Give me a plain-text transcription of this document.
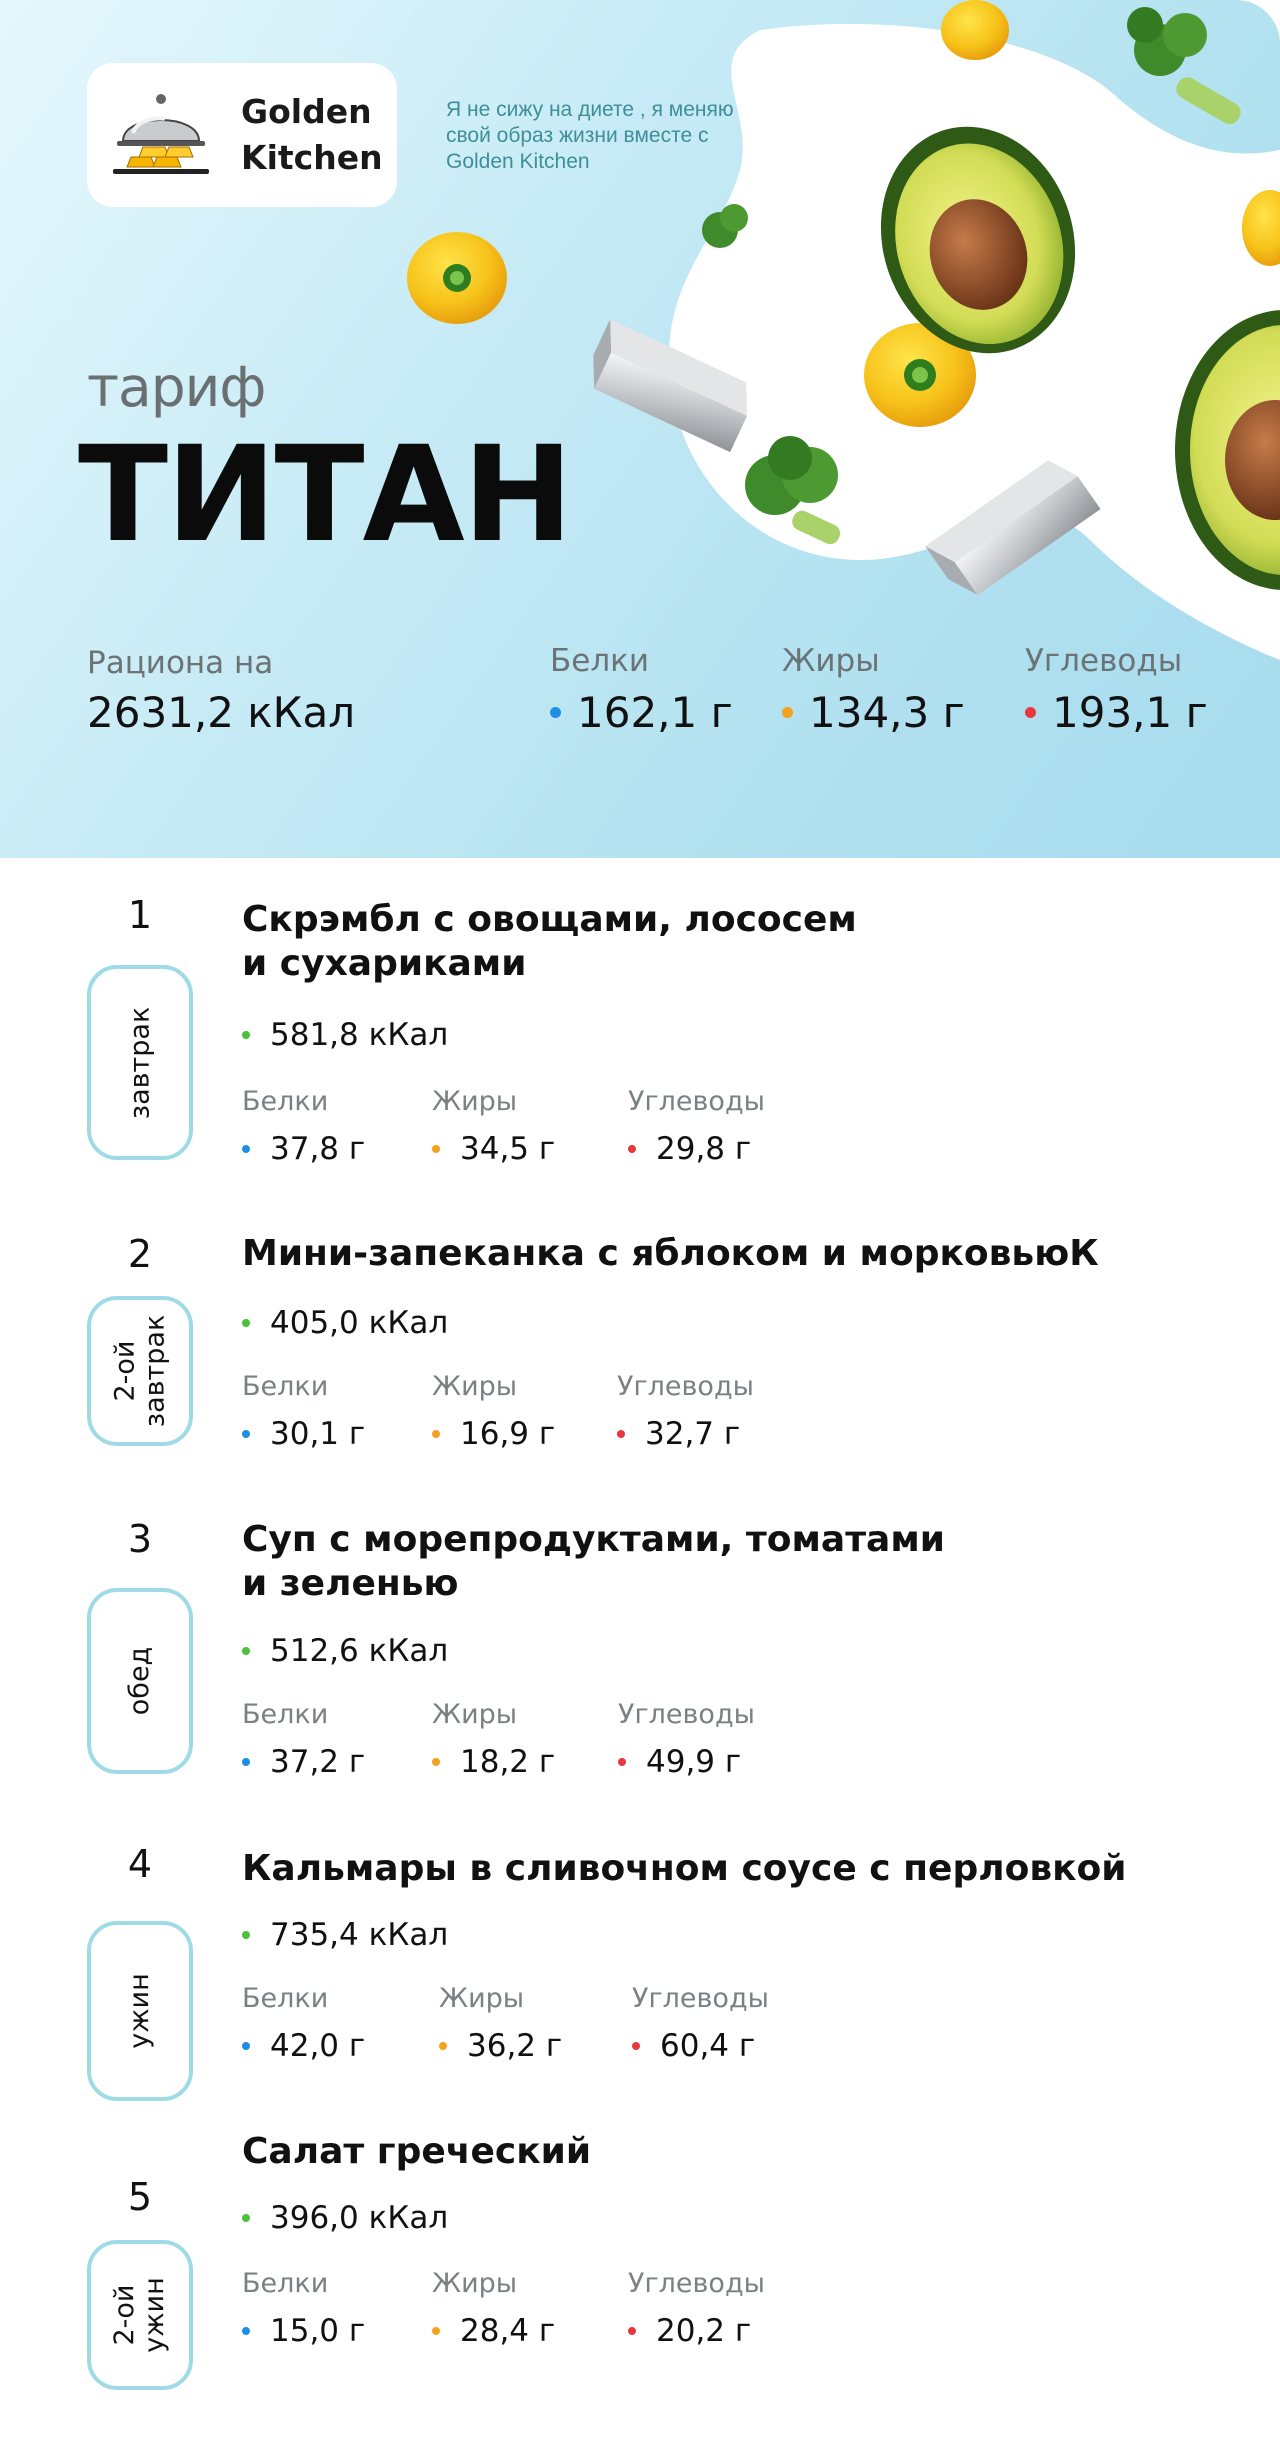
Golden
Kitchen
Я не сижу на диете , я меняю свой образ жизни вместе с Golden Kitchen
тариф
ТИТАН
Рациона на
2631,2 кКал
Белки
162,1 г
Жиры
134,3 г
Углеводы
193,1 г
1
завтрак
Скрэмбл с овощами, лососем
и сухариками
581,8 кКал
Белки
37,8 г
Жиры
34,5 г
Углеводы
29,8 г
2
2-ой завтрак
Мини-запеканка с яблоком и морковьюК
405,0 кКал
Белки
30,1 г
Жиры
16,9 г
Углеводы
32,7 г
3
обед
Суп с морепродуктами, томатами
и зеленью
512,6 кКал
Белки
37,2 г
Жиры
18,2 г
Углеводы
49,9 г
4
ужин
Кальмары в сливочном соусе с перловкой
735,4 кКал
Белки
42,0 г
Жиры
36,2 г
Углеводы
60,4 г
5
2-ой ужин
Салат греческий
396,0 кКал
Белки
15,0 г
Жиры
28,4 г
Углеводы
20,2 г
